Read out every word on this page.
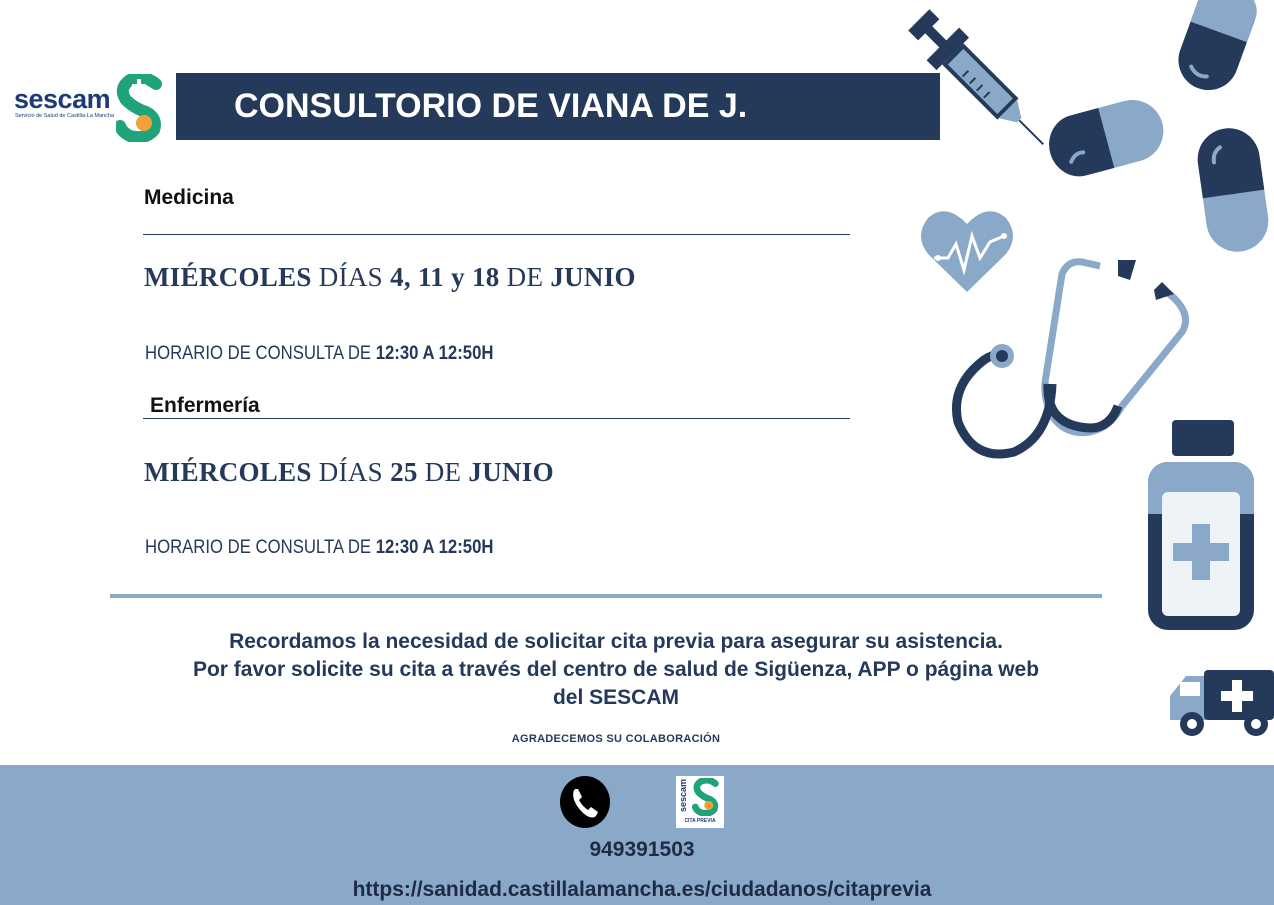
sescam
Servicio de Salud de Castilla-La Mancha	CONSULTORIO DE VIANA DE J.
Medicina
MIÉRCOLES DÍAS 4, 11 y 18 DE JUNIO
HORARIO DE CONSULTA DE 12:30 A 12:50H
Enfermería
MIÉRCOLES DÍAS 25 DE JUNIO
HORARIO DE CONSULTA DE 12:30 A 12:50H
Recordamos la necesidad de solicitar cita previa para asegurar su asistencia.
Por favor solicite su cita a través del centro de salud de Sigüenza, APP o página web
del SESCAM
AGRADECEMOS SU COLABORACIÓN
sescam
CITA PREVIA
949391503
https://sanidad.castillalamancha.es/ciudadanos/citaprevia
